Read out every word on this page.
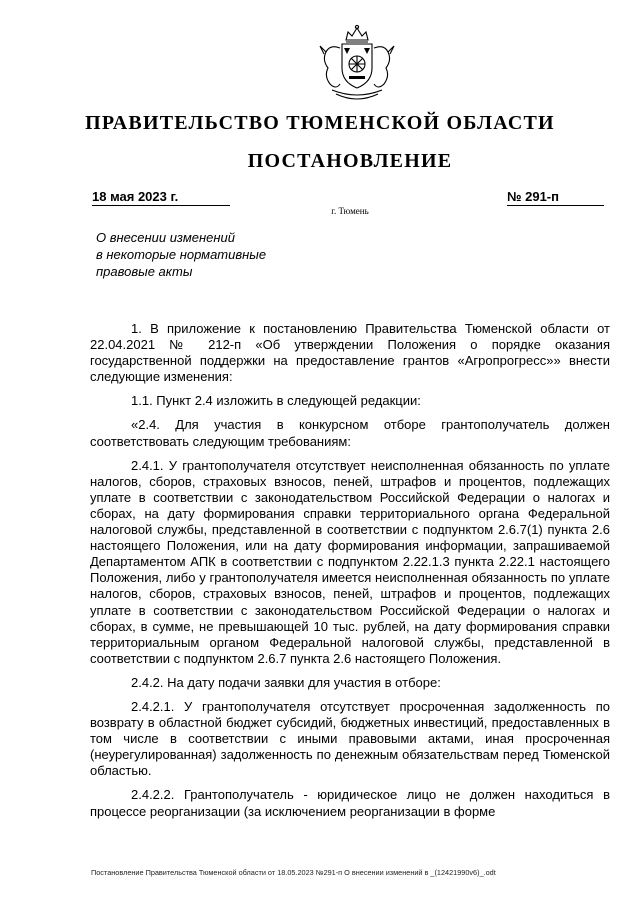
ПРАВИТЕЛЬСТВО ТЮМЕНСКОЙ ОБЛАСТИ
ПОСТАНОВЛЕНИЕ
18 мая 2023 г.	№ 291-п
г. Тюмень
О внесении изменений
в некоторые нормативные
правовые акты

1. В приложение к постановлению Правительства Тюменской области от 22.04.2021 № 212-п «Об утверждении Положения о порядке оказания государственной поддержки на предоставление грантов «Агропрогресс»» внести следующие изменения:

1.1. Пункт 2.4 изложить в следующей редакции:

«2.4. Для участия в конкурсном отборе грантополучатель должен соответствовать следующим требованиям:

2.4.1. У грантополучателя отсутствует неисполненная обязанность по уплате налогов, сборов, страховых взносов, пеней, штрафов и процентов, подлежащих уплате в соответствии с законодательством Российской Федерации о налогах и сборах, на дату формирования справки территориального органа Федеральной налоговой службы, представленной в соответствии с подпунктом 2.6.7(1) пункта 2.6 настоящего Положения, или на дату формирования информации, запрашиваемой Департаментом АПК в соответствии с подпунктом 2.22.1.3 пункта 2.22.1 настоящего Положения, либо у грантополучателя имеется неисполненная обязанность по уплате налогов, сборов, страховых взносов, пеней, штрафов и процентов, подлежащих уплате в соответствии с законодательством Российской Федерации о налогах и сборах, в сумме, не превышающей 10 тыс. рублей, на дату формирования справки территориальным органом Федеральной налоговой службы, представленной в соответствии с подпунктом 2.6.7 пункта 2.6 настоящего Положения.

2.4.2. На дату подачи заявки для участия в отборе:

2.4.2.1. У грантополучателя отсутствует просроченная задолженность по возврату в областной бюджет субсидий, бюджетных инвестиций, предоставленных в том числе в соответствии с иными правовыми актами, иная просроченная (неурегулированная) задолженность по денежным обязательствам перед Тюменской областью.

2.4.2.2. Грантополучатель - юридическое лицо не должен находиться в процессе реорганизации (за исключением реорганизации в форме

Постановление Правительства Тюменской области от 18.05.2023 №291-п О внесении изменений в _(12421990v6)_.odt
